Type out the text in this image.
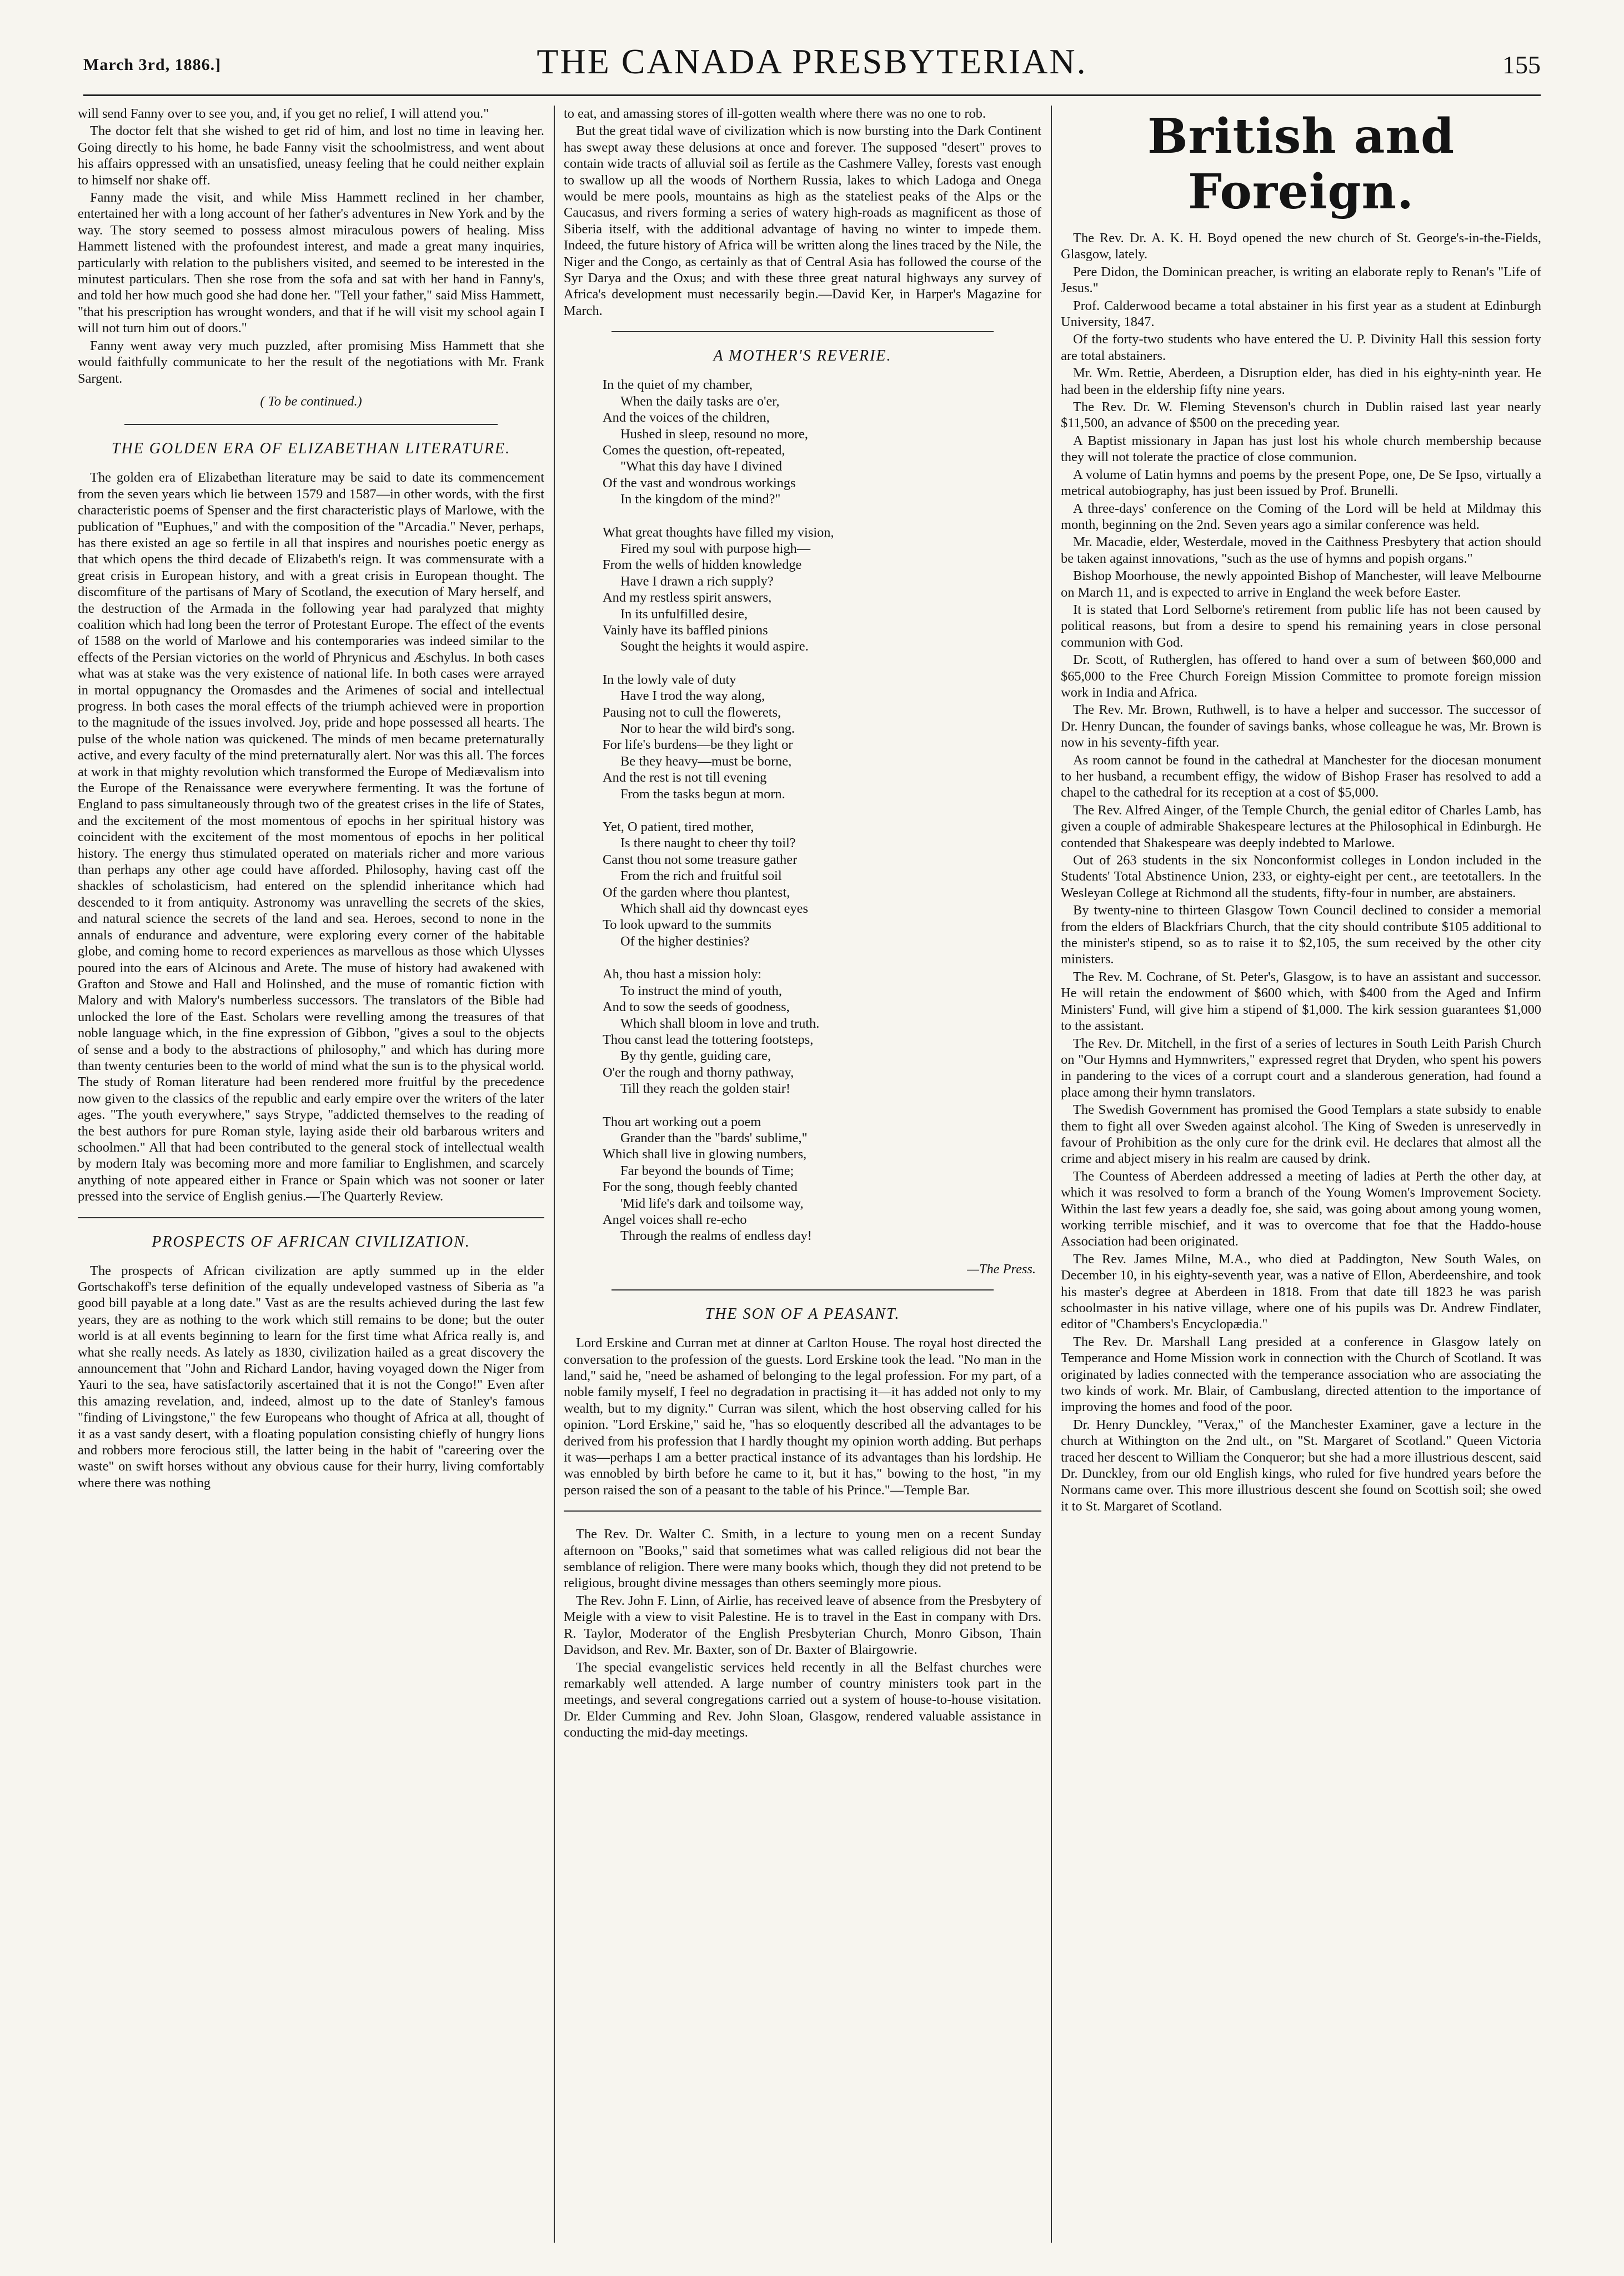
March 3rd, 1886.]	THE CANADA PRESBYTERIAN.	155

will send Fanny over to see you, and, if you get no relief, I will attend you."

The doctor felt that she wished to get rid of him, and lost no time in leaving her. Going directly to his home, he bade Fanny visit the schoolmistress, and went about his affairs oppressed with an unsatisfied, uneasy feeling that he could neither explain to himself nor shake off.

Fanny made the visit, and while Miss Hammett reclined in her chamber, entertained her with a long account of her father's adventures in New York and by the way. The story seemed to possess almost miraculous powers of healing. Miss Hammett listened with the profoundest interest, and made a great many inquiries, particularly with relation to the publishers visited, and seemed to be interested in the minutest particulars. Then she rose from the sofa and sat with her hand in Fanny's, and told her how much good she had done her. "Tell your father," said Miss Hammett, "that his prescription has wrought wonders, and that if he will visit my school again I will not turn him out of doors."

Fanny went away very much puzzled, after promising Miss Hammett that she would faithfully communicate to her the result of the negotiations with Mr. Frank Sargent.

( To be continued.)
THE GOLDEN ERA OF ELIZABETHAN LITERATURE.

The golden era of Elizabethan literature may be said to date its commencement from the seven years which lie between 1579 and 1587—in other words, with the first characteristic poems of Spenser and the first characteristic plays of Marlowe, with the publication of "Euphues," and with the composition of the "Arcadia." Never, perhaps, has there existed an age so fertile in all that inspires and nourishes poetic energy as that which opens the third decade of Elizabeth's reign. It was commensurate with a great crisis in European history, and with a great crisis in European thought. The discomfiture of the partisans of Mary of Scotland, the execution of Mary herself, and the destruction of the Armada in the following year had paralyzed that mighty coalition which had long been the terror of Protestant Europe. The effect of the events of 1588 on the world of Marlowe and his contemporaries was indeed similar to the effects of the Persian victories on the world of Phrynicus and Æschylus. In both cases what was at stake was the very existence of national life. In both cases were arrayed in mortal oppugnancy the Oromasdes and the Arimenes of social and intellectual progress. In both cases the moral effects of the triumph achieved were in proportion to the magnitude of the issues involved. Joy, pride and hope possessed all hearts. The pulse of the whole nation was quickened. The minds of men became preternaturally active, and every faculty of the mind preternaturally alert. Nor was this all. The forces at work in that mighty revolution which transformed the Europe of Mediævalism into the Europe of the Renaissance were everywhere fermenting. It was the fortune of England to pass simultaneously through two of the greatest crises in the life of States, and the excitement of the most momentous of epochs in her spiritual history was coincident with the excitement of the most momentous of epochs in her political history. The energy thus stimulated operated on materials richer and more various than perhaps any other age could have afforded. Philosophy, having cast off the shackles of scholasticism, had entered on the splendid inheritance which had descended to it from antiquity. Astronomy was unravelling the secrets of the skies, and natural science the secrets of the land and sea. Heroes, second to none in the annals of endurance and adventure, were exploring every corner of the habitable globe, and coming home to record experiences as marvellous as those which Ulysses poured into the ears of Alcinous and Arete. The muse of history had awakened with Grafton and Stowe and Hall and Holinshed, and the muse of romantic fiction with Malory and with Malory's numberless successors. The translators of the Bible had unlocked the lore of the East. Scholars were revelling among the treasures of that noble language which, in the fine expression of Gibbon, "gives a soul to the objects of sense and a body to the abstractions of philosophy," and which has during more than twenty centuries been to the world of mind what the sun is to the physical world. The study of Roman literature had been rendered more fruitful by the precedence now given to the classics of the republic and early empire over the writers of the later ages. "The youth everywhere," says Strype, "addicted themselves to the reading of the best authors for pure Roman style, laying aside their old barbarous writers and schoolmen." All that had been contributed to the general stock of intellectual wealth by modern Italy was becoming more and more familiar to Englishmen, and scarcely anything of note appeared either in France or Spain which was not sooner or later pressed into the service of English genius.—The Quarterly Review.

PROSPECTS OF AFRICAN CIVILIZATION.

The prospects of African civilization are aptly summed up in the elder Gortschakoff's terse definition of the equally undeveloped vastness of Siberia as "a good bill payable at a long date." Vast as are the results achieved during the last few years, they are as nothing to the work which still remains to be done; but the outer world is at all events beginning to learn for the first time what Africa really is, and what she really needs. As lately as 1830, civilization hailed as a great discovery the announcement that "John and Richard Landor, having voyaged down the Niger from Yauri to the sea, have satisfactorily ascertained that it is not the Congo!" Even after this amazing revelation, and, indeed, almost up to the date of Stanley's famous "finding of Livingstone," the few Europeans who thought of Africa at all, thought of it as a vast sandy desert, with a floating population consisting chiefly of hungry lions and robbers more ferocious still, the latter being in the habit of "careering over the waste" on swift horses without any obvious cause for their hurry, living comfortably where there was nothing

to eat, and amassing stores of ill-gotten wealth where there was no one to rob.

But the great tidal wave of civilization which is now bursting into the Dark Continent has swept away these delusions at once and forever. The supposed "desert" proves to contain wide tracts of alluvial soil as fertile as the Cashmere Valley, forests vast enough to swallow up all the woods of Northern Russia, lakes to which Ladoga and Onega would be mere pools, mountains as high as the stateliest peaks of the Alps or the Caucasus, and rivers forming a series of watery high-roads as magnificent as those of Siberia itself, with the additional advantage of having no winter to impede them. Indeed, the future history of Africa will be written along the lines traced by the Nile, the Niger and the Congo, as certainly as that of Central Asia has followed the course of the Syr Darya and the Oxus; and with these three great natural highways any survey of Africa's development must necessarily begin.—David Ker, in Harper's Magazine for March.

A MOTHER'S REVERIE.
In the quiet of my chamber,
When the daily tasks are o'er,
And the voices of the children,
Hushed in sleep, resound no more,
Comes the question, oft-repeated,
"What this day have I divined
Of the vast and wondrous workings
In the kingdom of the mind?"
What great thoughts have filled my vision,
Fired my soul with purpose high—
From the wells of hidden knowledge
Have I drawn a rich supply?
And my restless spirit answers,
In its unfulfilled desire,
Vainly have its baffled pinions
Sought the heights it would aspire.
In the lowly vale of duty
Have I trod the way along,
Pausing not to cull the flowerets,
Nor to hear the wild bird's song.
For life's burdens—be they light or
Be they heavy—must be borne,
And the rest is not till evening
From the tasks begun at morn.
Yet, O patient, tired mother,
Is there naught to cheer thy toil?
Canst thou not some treasure gather
From the rich and fruitful soil
Of the garden where thou plantest,
Which shall aid thy downcast eyes
To look upward to the summits
Of the higher destinies?
Ah, thou hast a mission holy:
To instruct the mind of youth,
And to sow the seeds of goodness,
Which shall bloom in love and truth.
Thou canst lead the tottering footsteps,
By thy gentle, guiding care,
O'er the rough and thorny pathway,
Till they reach the golden stair!
Thou art working out a poem
Grander than the "bards' sublime,"
Which shall live in glowing numbers,
Far beyond the bounds of Time;
For the song, though feebly chanted
'Mid life's dark and toilsome way,
Angel voices shall re-echo
Through the realms of endless day!
—The Press.
THE SON OF A PEASANT.

Lord Erskine and Curran met at dinner at Carlton House. The royal host directed the conversation to the profession of the guests. Lord Erskine took the lead. "No man in the land," said he, "need be ashamed of belonging to the legal profession. For my part, of a noble family myself, I feel no degradation in practising it—it has added not only to my wealth, but to my dignity." Curran was silent, which the host observing called for his opinion. "Lord Erskine," said he, "has so eloquently described all the advantages to be derived from his profession that I hardly thought my opinion worth adding. But perhaps it was—perhaps I am a better practical instance of its advantages than his lordship. He was ennobled by birth before he came to it, but it has," bowing to the host, "in my person raised the son of a peasant to the table of his Prince."—Temple Bar.

The Rev. Dr. Walter C. Smith, in a lecture to young men on a recent Sunday afternoon on "Books," said that sometimes what was called religious did not bear the semblance of religion. There were many books which, though they did not pretend to be religious, brought divine messages than others seemingly more pious.

The Rev. John F. Linn, of Airlie, has received leave of absence from the Presbytery of Meigle with a view to visit Palestine. He is to travel in the East in company with Drs. R. Taylor, Moderator of the English Presbyterian Church, Monro Gibson, Thain Davidson, and Rev. Mr. Baxter, son of Dr. Baxter of Blairgowrie.

The special evangelistic services held recently in all the Belfast churches were remarkably well attended. A large number of country ministers took part in the meetings, and several congregations carried out a system of house-to-house visitation. Dr. Elder Cumming and Rev. John Sloan, Glasgow, rendered valuable assistance in conducting the mid-day meetings.

British and Foreign.

The Rev. Dr. A. K. H. Boyd opened the new church of St. George's-in-the-Fields, Glasgow, lately.

Pere Didon, the Dominican preacher, is writing an elaborate reply to Renan's "Life of Jesus."

Prof. Calderwood became a total abstainer in his first year as a student at Edinburgh University, 1847.

Of the forty-two students who have entered the U. P. Divinity Hall this session forty are total abstainers.

Mr. Wm. Rettie, Aberdeen, a Disruption elder, has died in his eighty-ninth year. He had been in the eldership fifty nine years.

The Rev. Dr. W. Fleming Stevenson's church in Dublin raised last year nearly $11,500, an advance of $500 on the preceding year.

A Baptist missionary in Japan has just lost his whole church membership because they will not tolerate the practice of close communion.

A volume of Latin hymns and poems by the present Pope, one, De Se Ipso, virtually a metrical autobiography, has just been issued by Prof. Brunelli.

A three-days' conference on the Coming of the Lord will be held at Mildmay this month, beginning on the 2nd. Seven years ago a similar conference was held.

Mr. Macadie, elder, Westerdale, moved in the Caithness Presbytery that action should be taken against innovations, "such as the use of hymns and popish organs."

Bishop Moorhouse, the newly appointed Bishop of Manchester, will leave Melbourne on March 11, and is expected to arrive in England the week before Easter.

It is stated that Lord Selborne's retirement from public life has not been caused by political reasons, but from a desire to spend his remaining years in close personal communion with God.

Dr. Scott, of Rutherglen, has offered to hand over a sum of between $60,000 and $65,000 to the Free Church Foreign Mission Committee to promote foreign mission work in India and Africa.

The Rev. Mr. Brown, Ruthwell, is to have a helper and successor. The successor of Dr. Henry Duncan, the founder of savings banks, whose colleague he was, Mr. Brown is now in his seventy-fifth year.

As room cannot be found in the cathedral at Manchester for the diocesan monument to her husband, a recumbent effigy, the widow of Bishop Fraser has resolved to add a chapel to the cathedral for its reception at a cost of $5,000.

The Rev. Alfred Ainger, of the Temple Church, the genial editor of Charles Lamb, has given a couple of admirable Shakespeare lectures at the Philosophical in Edinburgh. He contended that Shakespeare was deeply indebted to Marlowe.

Out of 263 students in the six Nonconformist colleges in London included in the Students' Total Abstinence Union, 233, or eighty-eight per cent., are teetotallers. In the Wesleyan College at Richmond all the students, fifty-four in number, are abstainers.

By twenty-nine to thirteen Glasgow Town Council declined to consider a memorial from the elders of Blackfriars Church, that the city should contribute $105 additional to the minister's stipend, so as to raise it to $2,105, the sum received by the other city ministers.

The Rev. M. Cochrane, of St. Peter's, Glasgow, is to have an assistant and successor. He will retain the endowment of $600 which, with $400 from the Aged and Infirm Ministers' Fund, will give him a stipend of $1,000. The kirk session guarantees $1,000 to the assistant.

The Rev. Dr. Mitchell, in the first of a series of lectures in South Leith Parish Church on "Our Hymns and Hymnwriters," expressed regret that Dryden, who spent his powers in pandering to the vices of a corrupt court and a slanderous generation, had found a place among their hymn translators.

The Swedish Government has promised the Good Templars a state subsidy to enable them to fight all over Sweden against alcohol. The King of Sweden is unreservedly in favour of Prohibition as the only cure for the drink evil. He declares that almost all the crime and abject misery in his realm are caused by drink.

The Countess of Aberdeen addressed a meeting of ladies at Perth the other day, at which it was resolved to form a branch of the Young Women's Improvement Society. Within the last few years a deadly foe, she said, was going about among young women, working terrible mischief, and it was to overcome that foe that the Haddo-house Association had been originated.

The Rev. James Milne, M.A., who died at Paddington, New South Wales, on December 10, in his eighty-seventh year, was a native of Ellon, Aberdeenshire, and took his master's degree at Aberdeen in 1818. From that date till 1823 he was parish schoolmaster in his native village, where one of his pupils was Dr. Andrew Findlater, editor of "Chambers's Encyclopædia."

The Rev. Dr. Marshall Lang presided at a conference in Glasgow lately on Temperance and Home Mission work in connection with the Church of Scotland. It was originated by ladies connected with the temperance association who are associating the two kinds of work. Mr. Blair, of Cambuslang, directed attention to the importance of improving the homes and food of the poor.

Dr. Henry Dunckley, "Verax," of the Manchester Examiner, gave a lecture in the church at Withington on the 2nd ult., on "St. Margaret of Scotland." Queen Victoria traced her descent to William the Conqueror; but she had a more illustrious descent, said Dr. Dunckley, from our old English kings, who ruled for five hundred years before the Normans came over. This more illustrious descent she found on Scottish soil; she owed it to St. Margaret of Scotland.
